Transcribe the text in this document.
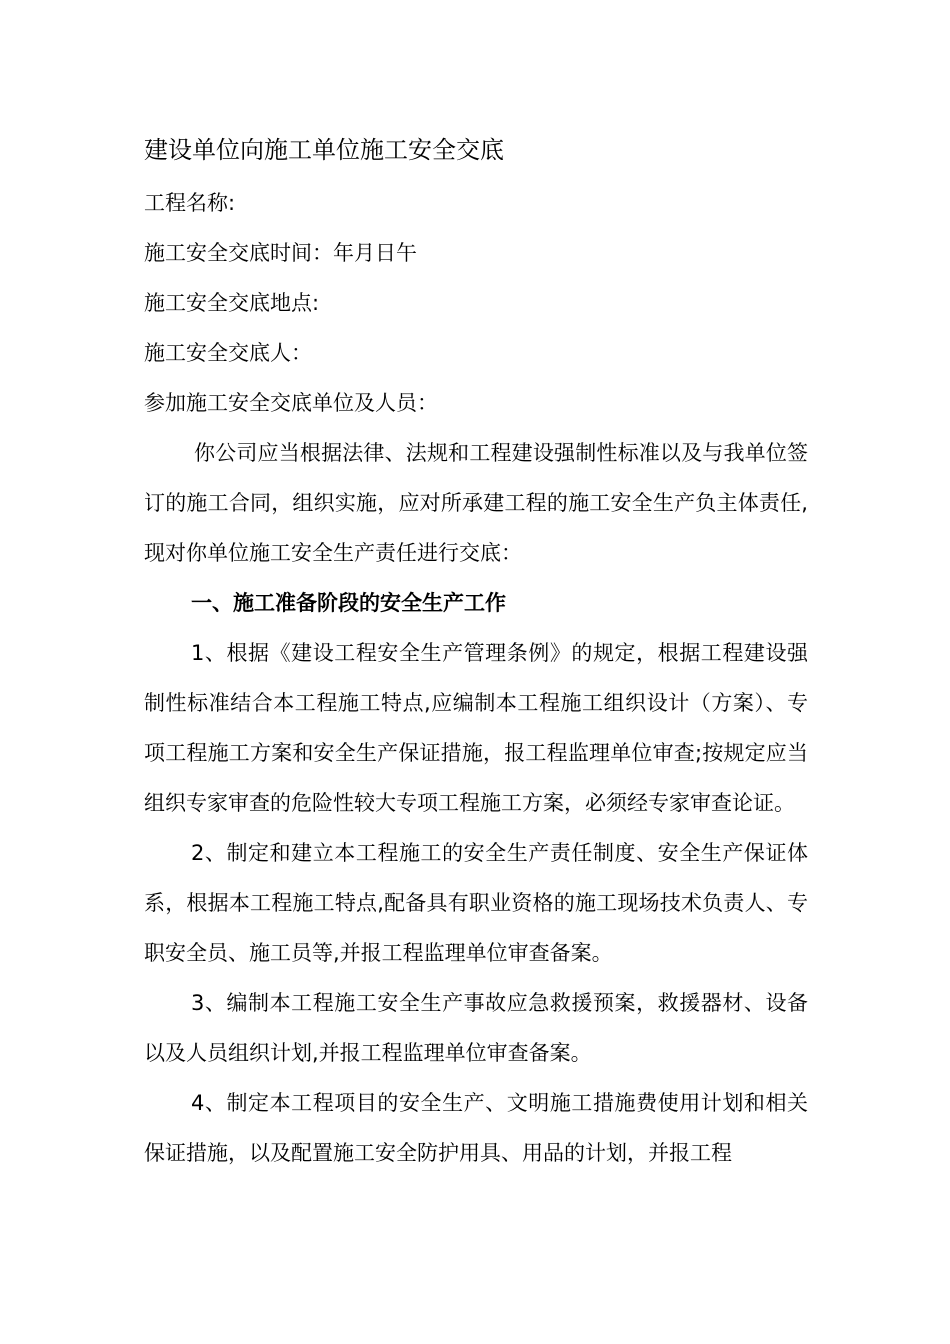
建设单位向施工单位施工安全交底
工程名称:
施工安全交底时间：年月日午
施工安全交底地点:
施工安全交底人：
参加施工安全交底单位及人员：

你公司应当根据法律、法规和工程建设强制性标准以及与我单位签订的施工合同，组织实施，应对所承建工程的施工安全生产负主体责任,现对你单位施工安全生产责任进行交底：

一、施工准备阶段的安全生产工作

1、根据《建设工程安全生产管理条例》的规定，根据工程建设强制性标准结合本工程施工特点,应编制本工程施工组织设计（方案）、专项工程施工方案和安全生产保证措施，报工程监理单位审查;按规定应当组织专家审查的危险性较大专项工程施工方案，必须经专家审查论证。

2、制定和建立本工程施工的安全生产责任制度、安全生产保证体系，根据本工程施工特点,配备具有职业资格的施工现场技术负责人、专职安全员、施工员等,并报工程监理单位审查备案。

3、编制本工程施工安全生产事故应急救援预案，救援器材、设备以及人员组织计划,并报工程监理单位审查备案。

4、制定本工程项目的安全生产、文明施工措施费使用计划和相关保证措施，以及配置施工安全防护用具、用品的计划，并报工程
